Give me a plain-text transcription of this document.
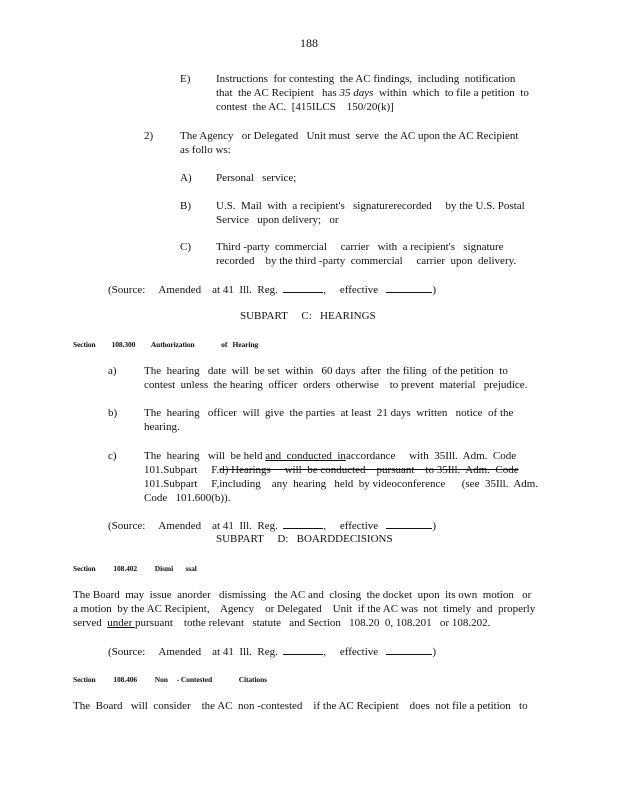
188
E) Instructions  for contesting  the AC findings,  including  notification
that  the AC Recipient   has 35 days  within  which  to file a petition  to
contest  the AC.  [415ILCS    150/20(k)]
2) The Agency   or Delegated   Unit must  serve  the AC upon the AC Recipient
as follo ws:
A) Personal   service;
B) U.S.  Mail  with  a recipient's   signaturerecorded     by the U.S. Postal
Service   upon delivery;   or
C) Third -party  commercial     carrier   with  a recipient's   signature
recorded    by the third -party  commercial     carrier  upon  delivery.
(Source:     Amended    at 41  Ill.  Reg.	, effective	)
SUBPART     C:   HEARINGS
Section         108.300         Authorization               of   Hearing
a) The  hearing   date  will  be set  within   60 days  after  the filing  of the petition  to
contest  unless  the hearing  officer  orders  otherwise    to prevent  material   prejudice.
b) The  hearing   officer  will  give  the parties  at least  21 days  written   notice  of the
hearing.
c) The  hearing   will  be held and  conducted  inaccordance     with  35Ill.  Adm.  Code
101.Subpart     F.d) Hearings     will  be conducted    pursuant    to 35Ill.  Adm.  Code
101.Subpart     F,including    any  hearing   held  by videoconference      (see  35Ill.  Adm.
Code   101.600(b)).
(Source:     Amended    at 41  Ill.  Reg.	, effective	)
SUBPART     D:   BOARDDECISIONS
Section          108.402          Dismi       ssal
The Board  may  issue  anorder   dismissing   the AC and  closing  the docket  upon  its own  motion   or
a motion  by the AC Recipient,    Agency    or Delegated    Unit  if the AC was  not  timely  and  properly
served  under pursuant    tothe relevant   statute   and Section   108.20  0, 108.201   or 108.202.
(Source:     Amended    at 41  Ill.  Reg.	, effective	)
Section          108.406          Non     - Contested               Citations
The  Board   will  consider    the AC  non -contested    if the AC Recipient    does  not file a petition   to
